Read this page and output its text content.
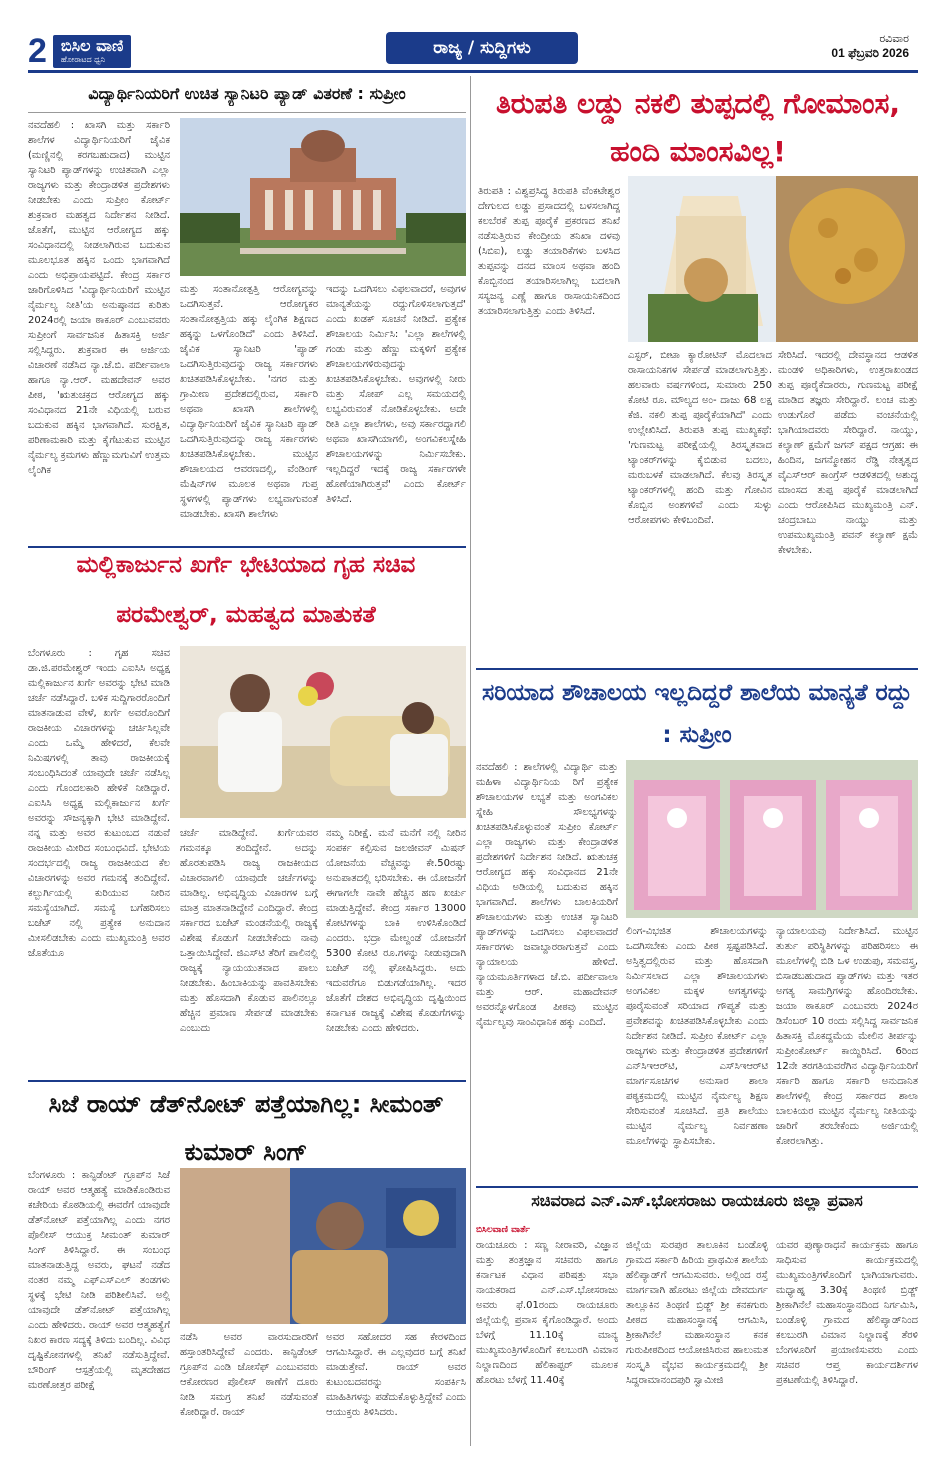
2 ಬಿಸಿಲ ವಾಣಿ
ಹೋರಾಟದ ಧ್ವನಿ
ರಾಜ್ಯ / ಸುದ್ದಿಗಳು	ರವಿವಾರ
01 ಫೆಬ್ರವರಿ 2026
ವಿದ್ಯಾರ್ಥಿನಿಯರಿಗೆ ಉಚಿತ ಸ್ಯಾನಿಟರಿ ಪ್ಯಾಡ್ ವಿತರಣೆ : ಸುಪ್ರೀಂ
ನವದೆಹಲಿ : ಖಾಸಗಿ ಮತ್ತು ಸರ್ಕಾರಿ ಶಾಲೆಗಳ ವಿದ್ಯಾರ್ಥಿನಿಯರಿಗೆ ಜೈವಿಕ (ಮಣ್ಣಿನಲ್ಲಿ ಕರಗಬಹುದಾದ) ಮುಟ್ಟಿನ ಸ್ಯಾನಿಟರಿ ಪ್ಯಾಡ್‌ಗಳನ್ನು ಉಚಿತವಾಗಿ ಎಲ್ಲಾ ರಾಜ್ಯಗಳು ಮತ್ತು ಕೇಂದ್ರಾಡಳಿತ ಪ್ರದೇಶಗಳು ನೀಡಬೇಕು ಎಂದು ಸುಪ್ರೀಂ ಕೋರ್ಟ್ ಶುಕ್ರವಾರ ಮಹತ್ವದ ನಿರ್ದೇಶನ ನೀಡಿದೆ. ಜೊತೆಗೆ, ಮುಟ್ಟಿನ ಆರೋಗ್ಯದ ಹಕ್ಕು ಸಂವಿಧಾನದಲ್ಲಿ ನೀಡಲಾಗಿರುವ ಬದುಕುವ ಮೂಲಭೂತ ಹಕ್ಕಿನ ಒಂದು ಭಾಗವಾಗಿದೆ ಎಂದು ಅಭಿಪ್ರಾಯಪಟ್ಟಿದೆ. ಕೇಂದ್ರ ಸರ್ಕಾರ ಜಾರಿಗೊಳಿಸಿದ 'ವಿದ್ಯಾರ್ಥಿನಿಯರಿಗೆ ಮುಟ್ಟಿನ ನೈರ್ಮಲ್ಯ ನೀತಿ'ಯ ಅನುಷ್ಠಾನದ ಕುರಿತು 2024ರಲ್ಲಿ ಜಯಾ ಠಾಕೂರ್ ಎಂಬುವವರು ಸುಪ್ರೀಂಗೆ ಸಾರ್ವಜನಿಕ ಹಿತಾಸಕ್ತಿ ಅರ್ಜಿ ಸಲ್ಲಿಸಿದ್ದರು. ಶುಕ್ರವಾರ ಈ ಅರ್ಜಿಯ ವಿಚಾರಣೆ ನಡೆಸಿದ ನ್ಯಾ.ಜೆ.ಬಿ. ಪರ್ದೀವಾಲಾ ಹಾಗೂ ನ್ಯಾ.ಆರ್. ಮಹದೇವನ್ ಅವರ ಪೀಠ, 'ಋತುಚಕ್ರದ ಆರೋಗ್ಯದ ಹಕ್ಕು ಸಂವಿಧಾನದ 21ನೇ ವಿಧಿಯಲ್ಲಿ ಬರುವ ಬದುಕುವ ಹಕ್ಕಿನ ಭಾಗವಾಗಿದೆ. ಸುರಕ್ಷಿತ, ಪರಿಣಾಮಕಾರಿ ಮತ್ತು ಕೈಗೆಟುಕುವ ಮುಟ್ಟಿನ ನೈರ್ಮಲ್ಯ ಕ್ರಮಗಳು ಹೆಣ್ಣುಮಗುವಿಗೆ ಉತ್ತಮ ಲೈಂಗಿಕ
ಮತ್ತು ಸಂತಾನೋತ್ಪತ್ತಿ ಆರೋಗ್ಯವನ್ನು ಒದಗಿಸುತ್ತವೆ. ಆರೋಗ್ಯಕರ ಸಂತಾನೋತ್ಪತ್ತಿಯ ಹಕ್ಕು ಲೈಂಗಿಕ ಶಿಕ್ಷಣದ ಹಕ್ಕನ್ನು ಒಳಗೊಂಡಿದೆ' ಎಂದು ತಿಳಿಸಿದೆ. ಜೈವಿಕ ಸ್ಯಾನಿಟರಿ 'ಪ್ಯಾಡ್ ಒದಗಿಸುತ್ತಿರುವುದನ್ನು ರಾಜ್ಯ ಸರ್ಕಾರಗಳು ಖಚಿತಪಡಿಸಿಕೊಳ್ಳಬೇಕು. 'ನಗರ ಮತ್ತು ಗ್ರಾಮೀಣ ಪ್ರದೇಶದಲ್ಲಿರುವ, ಸರ್ಕಾರಿ ಅಥವಾ ಖಾಸಗಿ ಶಾಲೆಗಳಲ್ಲಿ ವಿದ್ಯಾರ್ಥಿನಿಯರಿಗೆ ಜೈವಿಕ ಸ್ಯಾನಿಟರಿ ಪ್ಯಾಡ್ ಒದಗಿಸುತ್ತಿರುವುದನ್ನು ರಾಜ್ಯ ಸರ್ಕಾರಗಳು ಖಚಿತಪಡಿಸಿಕೊಳ್ಳಬೇಕು. ಮುಟ್ಟಿನ ಶೌಚಾಲಯದ ಆವರಣದಲ್ಲಿ, ವೆಂಡಿಂಗ್ ಮೆಷಿನ್‌ಗಳ ಮೂಲಕ ಅಥವಾ ಗುಪ್ತ ಸ್ಥಳಗಳಲ್ಲಿ ಪ್ಯಾಡ್‌ಗಳು ಲಭ್ಯವಾಗುವಂತೆ ಮಾಡಬೇಕು. ಖಾಸಗಿ ಶಾಲೆಗಳು
ಇದನ್ನು ಒದಗಿಸಲು ವಿಫಲವಾದರೆ, ಅವುಗಳ ಮಾನ್ಯತೆಯನ್ನು ರದ್ದುಗೊಳಿಸಲಾಗುತ್ತದೆ' ಎಂದು ಖಡಕ್ ಸೂಚನೆ ನೀಡಿದೆ. ಪ್ರತ್ಯೇಕ ಶೌಚಾಲಯ ನಿರ್ಮಿಸಿ: 'ಎಲ್ಲಾ ಶಾಲೆಗಳಲ್ಲಿ ಗಂಡು ಮತ್ತು ಹೆಣ್ಣು ಮಕ್ಕಳಿಗೆ ಪ್ರತ್ಯೇಕ ಶೌಚಾಲಯಗಳಿರುವುದನ್ನು ಖಚಿತಪಡಿಸಿಕೊಳ್ಳಬೇಕು. ಅವುಗಳಲ್ಲಿ ನೀರು ಮತ್ತು ಸೋಪ್ ಎಲ್ಲ ಸಮಯದಲ್ಲಿ ಲಭ್ಯವಿರುವಂತೆ ನೋಡಿಕೊಳ್ಳಬೇಕು. ಅದೇ ರೀತಿ ಎಲ್ಲಾ ಶಾಲೆಗಳು, ಅವು ಸರ್ಕಾರದ್ದಾಗಲಿ ಅಥವಾ ಖಾಸಗಿಯಾಗಲಿ, ಅಂಗವಿಕಲಸ್ನೇಹಿ ಶೌಚಾಲಯಗಳನ್ನು ನಿರ್ಮಿಸಬೇಕು. ಇಲ್ಲದಿದ್ದರೆ ಇದಕ್ಕೆ ರಾಜ್ಯ ಸರ್ಕಾರಗಳೇ ಹೊಣೆಯಾಗಿರುತ್ತವೆ' ಎಂದು ಕೋರ್ಟ್ ತಿಳಿಸಿದೆ.
ತಿರುಪತಿ ಲಡ್ಡು ನಕಲಿ ತುಪ್ಪದಲ್ಲಿ ಗೋಮಾಂಸ, ಹಂದಿ ಮಾಂಸವಿಲ್ಲ!
ತಿರುಪತಿ : ವಿಶ್ವಪ್ರಸಿದ್ಧ ತಿರುಪತಿ ವೆಂಕಟೇಶ್ವರ ದೇಗುಲದ ಲಡ್ಡು ಪ್ರಸಾದದಲ್ಲಿ ಬಳಸಲಾಗಿದ್ದ ಕಲಬೆರಕೆ ತುಪ್ಪ ಪೂರೈಕೆ ಪ್ರಕರಣದ ತನಿಖೆ ನಡೆಸುತ್ತಿರುವ ಕೇಂದ್ರೀಯ ತನಿಖಾ ದಳವು (ಸಿಬಿಐ), ಲಡ್ಡು ತಯಾರಿಕೆಗಳು ಬಳಸಿದ ತುಪ್ಪವನ್ನು ದನದ ಮಾಂಸ ಅಥವಾ ಹಂದಿ ಕೊಬ್ಬಿನಂದ ತಯಾರಿಸಲಾಗಿಲ್ಲ ಬದಲಾಗಿ ಸಸ್ಯಜನ್ಯ ಎಣ್ಣೆ ಹಾಗೂ ರಾಸಾಯನಿಕದಿಂದ ತಯಾರಿಸಲಾಗುತ್ತಿತ್ತು ಎಂದು ತಿಳಿಸಿದೆ.
ಎಸ್ಟರ್, ಬೀಟಾ ಕ್ಯಾರೋಟಿನ್ ಮೊದಲಾದ ರಾಸಾಯನಿಕಗಳ ಸೇರ್ಪಡೆ ಮಾಡಲಾಗುತ್ತಿತ್ತು. ಹಲವಾರು ವರ್ಷಗಳಿಂದ, ಸುಮಾರು 250 ಕೋಟಿ ರೂ. ಮೌಲ್ಯದ ಅಂ- ದಾಜು 68 ಲಕ್ಷ ಕೆಜಿ. ನಕಲಿ ತುಪ್ಪ ಪೂರೈಕೆಯಾಗಿದೆ' ಎಂದು ಉಲ್ಲೇಖಿಸಿದೆ. ತಿರುಪತಿ ತುಪ್ಪ ಮುಖ್ಯಕಥೆ: 'ಗುಣಮಟ್ಟ ಪರೀಕ್ಷೆಯಲ್ಲಿ ತಿರಸ್ಕೃತವಾದ ಟ್ಯಾಂಕರ್‌ಗಳನ್ನು ಕೈಬಿಡುವ ಬದಲು, ಮರುಬಳಕೆ ಮಾಡಲಾಗಿದೆ. ಕೆಲವು ತಿರಸ್ಕೃತ ಟ್ಯಾಂಕರ್‌ಗಳಲ್ಲಿ ಹಂದಿ ಮತ್ತು ಗೋವಿನ ಕೊಬ್ಬಿನ ಅಂಶಗಳಿವೆ ಎಂದು ಸುಳ್ಳು ಆರೋಪಗಳು ಕೇಳಿಬಂದಿವೆ.
ಸೇರಿಸಿದೆ. ಇದರಲ್ಲಿ ದೇವಸ್ಥಾನದ ಆಡಳಿತ ಮಂಡಳಿ ಅಧಿಕಾರಿಗಳು, ಉತ್ತರಾಖಂಡದ ತುಪ್ಪ ಪೂರೈಕೆದಾರರು, ಗುಣಮಟ್ಟ ಪರೀಕ್ಷೆ ಮಾಡಿದ ತಜ್ಞರು ಸೇರಿದ್ದಾರೆ. ಲಂಚ ಮತ್ತು ಉಡುಗೊರೆ ಪಡೆದು ವಂಚನೆಯಲ್ಲಿ ಭಾಗಿಯಾದವರು ಸೇರಿದ್ದಾರೆ. ನಾಯ್ಡು, ಕಲ್ಯಾಣ್ ಕ್ಷಮೆಗೆ ಜಗನ್ ಪಕ್ಷದ ಆಗ್ರಹ: ಈ ಹಿಂದಿನ, ಜಗನ್ಮೋಹನ ರೆಡ್ಡಿ ನೇತೃತ್ವದ ವೈಎಸ್‌ಆರ್ ಕಾಂಗ್ರೆಸ್ ಆಡಳಿತದಲ್ಲಿ ಅಶುದ್ಧ ಮಾಂಸದ ತುಪ್ಪ ಪೂರೈಕೆ ಮಾಡಲಾಗಿದೆ ಎಂದು ಆರೋಪಿಸಿದ ಮುಖ್ಯಮಂತ್ರಿ ಎನ್. ಚಂದ್ರಬಾಬು ನಾಯ್ಡು ಮತ್ತು ಉಪಮುಖ್ಯಮಂತ್ರಿ ಪವನ್ ಕಲ್ಯಾಣ್ ಕ್ಷಮೆ ಕೇಳಬೇಕು.
ಮಲ್ಲಿಕಾರ್ಜುನ ಖರ್ಗೆ ಭೇಟಿಯಾದ ಗೃಹ ಸಚಿವ ಪರಮೇಶ್ವರ್, ಮಹತ್ವದ ಮಾತುಕತೆ
ಬೆಂಗಳೂರು : ಗೃಹ ಸಚಿವ ಡಾ.ಜಿ.ಪರಮೇಶ್ವರ್ ಇಂದು ಎಐಸಿಸಿ ಅಧ್ಯಕ್ಷ ಮಲ್ಲಿಕಾರ್ಜುನ ಖರ್ಗೆ ಅವರನ್ನು ಭೇಟಿ ಮಾಡಿ ಚರ್ಚೆ ನಡೆಸಿದ್ದಾರೆ. ಬಳಿಕ ಸುದ್ದಿಗಾರರೊಂದಿಗೆ ಮಾತನಾಡುವ ವೇಳೆ, ಖರ್ಗೆ ಅವರೊಂದಿಗೆ ರಾಜಕೀಯ ವಿಚಾರಗಳನ್ನು ಚರ್ಚಿಸಿಲ್ಲವೇ ಎಂದು ಒಮ್ಮೆ ಹೇಳಿದರೆ, ಕೆಲವೇ ನಿಮಿಷಗಳಲ್ಲಿ ತಾವು ರಾಜಕೀಯಕ್ಕೆ ಸಂಬಂಧಿಸಿದಂತೆ ಯಾವುದೇ ಚರ್ಚೆ ನಡೆಸಿಲ್ಲ ಎಂದು ಗೊಂದಲಕಾರಿ ಹೇಳಿಕೆ ನೀಡಿದ್ದಾರೆ. ಎಐಸಿಸಿ ಅಧ್ಯಕ್ಷ ಮಲ್ಲಿಕಾರ್ಜುನ ಖರ್ಗೆ ಅವರನ್ನು ಸೌಜನ್ಯಕ್ಕಾಗಿ ಭೇಟಿ ಮಾಡಿದ್ದೇನೆ. ನನ್ನ ಮತ್ತು ಅವರ ಕುಟುಂಬದ ನಡುವೆ ರಾಜಕೀಯ ಮೀರಿದ ಸಂಬಂಧವಿದೆ. ಭೇಟಿಯ ಸಂದರ್ಭದಲ್ಲಿ ರಾಜ್ಯ ರಾಜಕೀಯದ ಕೆಲ ವಿಚಾರಗಳನ್ನು ಅವರ ಗಮನಕ್ಕೆ ತಂದಿದ್ದೇನೆ. ಕಲ್ಬುರ್ಗಿಯಲ್ಲಿ ಕುರಿಯುವ ನೀರಿನ ಸಮಸ್ಯೆಯಾಗಿದೆ. ಸಮಸ್ಯೆ ಬಗೆಹರಿಸಲು ಬಜೆಟ್ ನಲ್ಲಿ ಪ್ರತ್ಯೇಕ ಅನುದಾನ ಮೀಸಲಿಡಬೇಕು ಎಂದು ಮುಖ್ಯಮಂತ್ರಿ ಅವರ ಜೊತೆಯೂ
ಚರ್ಚೆ ಮಾಡಿದ್ದೇನೆ. ಖರ್ಗೆಯವರ ಗಮನಕ್ಕೂ ತಂದಿದ್ದೇನೆ. ಅದನ್ನು ಹೊರತುಪಡಿಸಿ ರಾಜ್ಯ ರಾಜಕೀಯದ ವಿಚಾರವಾಗಲಿ ಯಾವುದೇ ಚರ್ಚೆಗಳನ್ನು ಮಾಡಿಲ್ಲ. ಅಭಿವೃದ್ಧಿಯ ವಿಚಾರಗಳ ಬಗ್ಗೆ ಮಾತ್ರ ಮಾತನಾಡಿದ್ದೇನೆ ಎಂದಿದ್ದಾರೆ. ಕೇಂದ್ರ ಸರ್ಕಾರದ ಬಜೆಟ್ ಮಂಡನೆಯಲ್ಲಿ ರಾಜ್ಯಕ್ಕೆ ವಿಶೇಷ ಕೊಡುಗೆ ನೀಡಬೇಕೆಂದು ನಾವು ಒತ್ತಾಯಿಸಿದ್ದೇವೆ. ಜಿಎಸ್‌ಟಿ ತೆರಿಗೆ ಪಾಲಿನಲ್ಲಿ ರಾಜ್ಯಕ್ಕೆ ನ್ಯಾಯಯುತವಾದ ಪಾಲು ನೀಡಬೇಕು. ಹಿಂಬಾಕಿಯನ್ನು ಪಾವತಿಸಬೇಕು ಮತ್ತು ಹೊಸದಾಗಿ ಕೊಡುವ ಪಾಲಿನಲ್ಲೂ ಹೆಚ್ಚಿನ ಪ್ರಮಾಣ ಸೇರ್ಪಡೆ ಮಾಡಬೇಕು ಎಂಬುದು
ನಮ್ಮ ನಿರೀಕ್ಷೆ. ಮನೆ ಮನೆಗೆ ನಲ್ಲಿ ನೀರಿನ ಸಂಪರ್ಕ ಕಲ್ಪಿಸುವ ಜಲಜೀವನ್ ಮಿಷನ್ ಯೋಜನೆಯ ವೆಚ್ಚವನ್ನು ಕೇ.50ರಷ್ಟು ಅನುಪಾತದಲ್ಲಿ ಭರಿಸಬೇಕು. ಈ ಯೋಜನೆಗೆ ಈಗಾಗಲೇ ನಾವೇ ಹೆಚ್ಚಿನ ಹಣ ಖರ್ಚು ಮಾಡುತ್ತಿದ್ದೇವೆ. ಕೇಂದ್ರ ಸರ್ಕಾರ 13000 ಕೋಟಿಗಳನ್ನು ಬಾಕಿ ಉಳಿಸಿಕೊಂಡಿದೆ ಎಂದರು. ಭದ್ರಾ ಮೇಲ್ದಂಡೆ ಯೋಜನೆಗೆ 5300 ಕೋಟಿ ರೂ.ಗಳನ್ನು ನೀಡುವುದಾಗಿ ಬಜೆಟ್ ನಲ್ಲಿ ಘೋಷಿಸಿದ್ದರು. ಅದು ಇದುವರೆಗೂ ಬಿಡುಗಡೆಯಾಗಿಲ್ಲ. ಇದರ ಜೊತೆಗೆ ದೇಶದ ಅಭಿವೃದ್ಧಿಯ ದೃಷ್ಟಿಯಿಂದ ಕರ್ನಾಟಕ ರಾಜ್ಯಕ್ಕೆ ವಿಶೇಷ ಕೊಡುಗೆಗಳನ್ನು ನೀಡಬೇಕು ಎಂದು ಹೇಳಿದರು.
ಸರಿಯಾದ ಶೌಚಾಲಯ ಇಲ್ಲದಿದ್ದರೆ ಶಾಲೆಯ ಮಾನ್ಯತೆ ರದ್ದು : ಸುಪ್ರೀಂ
ನವದೆಹಲಿ : ಶಾಲೆಗಳಲ್ಲಿ ವಿದ್ಯಾರ್ಥಿ ಮತ್ತು ಮಹಿಳಾ ವಿದ್ಯಾರ್ಥಿನಿಯ ರಿಗೆ ಪ್ರತ್ಯೇಕ ಶೌಚಾಲಯಗಳ ಲಭ್ಯತೆ ಮತ್ತು ಅಂಗವಿಕಲ ಸ್ನೇಹಿ ಸೌಲಭ್ಯಗಳನ್ನು ಖಚಿತಪಡಿಸಿಕೊಳ್ಳುವಂತೆ ಸುಪ್ರೀಂ ಕೋರ್ಟ್ ಎಲ್ಲಾ ರಾಜ್ಯಗಳು ಮತ್ತು ಕೇಂದ್ರಾಡಳಿತ ಪ್ರದೇಶಗಳಿಗೆ ನಿರ್ದೇಶನ ನೀಡಿದೆ. ಋತುಚಕ್ರ ಆರೋಗ್ಯದ ಹಕ್ಕು ಸಂವಿಧಾನದ 21ನೇ ವಿಧಿಯ ಅಡಿಯಲ್ಲಿ ಬದುಕುವ ಹಕ್ಕಿನ ಭಾಗವಾಗಿದೆ. ಶಾಲೆಗಳು ಬಾಲಕಿಯರಿಗೆ ಶೌಚಾಲಯಗಳು ಮತ್ತು ಉಚಿತ ಸ್ಯಾನಿಟರಿ ಪ್ಯಾಡ್‌ಗಳನ್ನು ಒದಗಿಸಲು ವಿಫಲವಾದರೆ ಸರ್ಕಾರಗಳು ಜವಾಬ್ದಾರರಾಗುತ್ತವೆ ಎಂದು ನ್ಯಾಯಾಲಯ ಹೇಳಿದೆ. ನ್ಯಾಯಮೂರ್ತಿಗಳಾದ ಜೆ.ಬಿ. ಪರ್ದೀವಾಲಾ ಮತ್ತು ಆರ್. ಮಹಾದೇವನ್ ಅವರನ್ನೊಳಗೊಂಡ ಪೀಠವು ಮುಟ್ಟಿನ ನೈರ್ಮಲ್ಯವು ಸಾಂವಿಧಾನಿಕ ಹಕ್ಕು ಎಂದಿದೆ.
ಲಿಂಗ-ವಿಭಜಿತ ಶೌಚಾಲಯಗಳನ್ನು ಒದಗಿಸಬೇಕು ಎಂದು ಪೀಠ ಸ್ಪಷ್ಟಪಡಿಸಿದೆ. ಅಸ್ತಿತ್ವದಲ್ಲಿರುವ ಮತ್ತು ಹೊಸದಾಗಿ ನಿರ್ಮಿಸಲಾದ ಎಲ್ಲಾ ಶೌಚಾಲಯಗಳು ಅಂಗವಿಕಲ ಮಕ್ಕಳ ಅಗತ್ಯಗಳನ್ನು ಪೂರೈಸುವಂತೆ ಸರಿಯಾದ ಗೌಪ್ಯತೆ ಮತ್ತು ಪ್ರವೇಶವನ್ನು ಖಚಿತಪಡಿಸಿಕೊಳ್ಳಬೇಕು ಎಂದು ನಿರ್ದೇಶನ ನೀಡಿದೆ. ಸುಪ್ರೀಂ ಕೋರ್ಟ್ ಎಲ್ಲಾ ರಾಜ್ಯಗಳು ಮತ್ತು ಕೇಂದ್ರಾಡಳಿತ ಪ್ರದೇಶಗಳಿಗೆ ಎನ್‌ಸಿಇಆರ್‌ಟಿ, ಎಸ್‌ಸಿಇಆರ್‌ಟಿ ಮಾರ್ಗಸೂಚಿಗಳ ಅನುಸಾರ ಶಾಲಾ ಪಠ್ಯಕ್ರಮದಲ್ಲಿ ಮುಟ್ಟಿನ ನೈರ್ಮಲ್ಯ ಶಿಕ್ಷಣ ಸೇರಿಸುವಂತೆ ಸೂಚಿಸಿದೆ. ಪ್ರತಿ ಶಾಲೆಯು ಮುಟ್ಟಿನ ನೈರ್ಮಲ್ಯ ನಿರ್ವಹಣಾ ಮೂಲೆಗಳನ್ನು ಸ್ಥಾಪಿಸಬೇಕು.
ನ್ಯಾಯಾಲಯವು ನಿರ್ದೇಶಿಸಿದೆ. ಮುಟ್ಟಿನ ತುರ್ತು ಪರಿಸ್ಥಿತಿಗಳನ್ನು ಪರಿಹರಿಸಲು ಈ ಮೂಲೆಗಳಲ್ಲಿ ಬಿಡಿ ಒಳ ಉಡುಪು, ಸಮವಸ್ತ್ರ, ಬಿಸಾಡಬಹುದಾದ ಪ್ಯಾಡ್‌ಗಳು ಮತ್ತು ಇತರ ಅಗತ್ಯ ಸಾಮಗ್ರಿಗಳನ್ನು ಹೊಂದಿರಬೇಕು. ಜಯಾ ಠಾಕೂರ್ ಎಂಬುವರು 2024ರ ಡಿಸೆಂಬರ್ 10 ರಂದು ಸಲ್ಲಿಸಿದ್ದ ಸಾರ್ವಜನಿಕ ಹಿತಾಸಕ್ತಿ ಮೊಕದ್ದಮೆಯ ಮೇಲಿನ ತೀರ್ಪನ್ನು ಸುಪ್ರೀಂಕೋರ್ಟ್ ಕಾಯ್ದಿರಿಸಿದೆ. 6ರಿಂದ 12ನೇ ತರಗತಿಯವರೆಗಿನ ವಿದ್ಯಾರ್ಥಿನಿಯರಿಗೆ ಸರ್ಕಾರಿ ಹಾಗೂ ಸರ್ಕಾರಿ ಅನುದಾನಿತ ಶಾಲೆಗಳಲ್ಲಿ ಕೇಂದ್ರ ಸರ್ಕಾರದ ಶಾಲಾ ಬಾಲಕಿಯರ ಮುಟ್ಟಿನ ನೈರ್ಮಲ್ಯ ನೀತಿಯನ್ನು ಜಾರಿಗೆ ತರಬೇಕೆಂದು ಅರ್ಜಿಯಲ್ಲಿ ಕೋರಲಾಗಿತ್ತು.
ಸಿಜೆ ರಾಯ್ ಡೆತ್‌ನೋಟ್ ಪತ್ತೆಯಾಗಿಲ್ಲ: ಸೀಮಂತ್ ಕುಮಾರ್ ಸಿಂಗ್
ಬೆಂಗಳೂರು : ಕಾನ್ಫಿಡೆಂಟ್ ಗ್ರೂಪ್‌ನ ಸಿಜೆ ರಾಯ್ ಅವರ ಆತ್ಮಹತ್ಯೆ ಮಾಡಿಕೊಂಡಿರುವ ಕಚೇರಿಯ ಕೊಠಡಿಯಲ್ಲಿ ಈವರೆಗೆ ಯಾವುದೇ ಡೆತ್‌ನೋಟ್ ಪತ್ತೆಯಾಗಿಲ್ಲ ಎಂದು ನಗರ ಪೊಲೀಸ್ ಆಯುಕ್ತ ಸೀಮಂತ್ ಕುಮಾರ್ ಸಿಂಗ್ ತಿಳಿಸಿದ್ದಾರೆ. ಈ ಸಂಬಂಧ ಮಾತನಾಡುತ್ತಿದ್ದ ಅವರು, ಘಟನೆ ನಡೆದ ನಂತರ ನಮ್ಮ ಎಫ್‌ಎಸ್‌ಎಲ್ ತಂಡಗಳು ಸ್ಥಳಕ್ಕೆ ಭೇಟಿ ನೀಡಿ ಪರಿಶೀಲಿಸಿವೆ. ಅಲ್ಲಿ ಯಾವುದೇ ಡೆತ್‌ನೋಟ್ ಪತ್ತೆಯಾಗಿಲ್ಲ ಎಂದು ಹೇಳಿದರು. ರಾಯ್ ಅವರ ಆತ್ಮಹತ್ಯೆಗೆ ನಿಖರ ಕಾರಣ ಸದ್ಯಕ್ಕೆ ತಿಳಿದು ಬಂದಿಲ್ಲ. ವಿವಿಧ ದೃಷ್ಟಿಕೋನಗಳಲ್ಲಿ ತನಿಖೆ ನಡೆಸುತ್ತಿದ್ದೇವೆ. ಬೌರಿಂಗ್ ಆಸ್ಪತ್ರೆಯಲ್ಲಿ ಮೃತದೇಹದ ಮರಣೋತ್ತರ ಪರೀಕ್ಷೆ
ನಡೆಸಿ ಅವರ ವಾರಸುದಾರರಿಗೆ ಹಸ್ತಾಂತರಿಸಿದ್ದೇವೆ ಎಂದರು. ಕಾನ್ಫಿಡೆಂಟ್ ಗ್ರೂಪ್‌ನ ಎಂಡಿ ಜೋಸೆಫ್ ಎಂಬುವವರು ಆಕೋರಣರ ಪೊಲೀಸ್ ಠಾಣೆಗೆ ದೂರು ನೀಡಿ ಸಮಗ್ರ ತನಿಖೆ ನಡೆಸುವಂತೆ ಕೋರಿದ್ದಾರೆ. ರಾಯ್
ಅವರ ಸಹೋದರ ಸಹ ಕೇರಳದಿಂದ ಆಗಮಿಸಿದ್ದಾರೆ. ಈ ಎಲ್ಲವುದರ ಬಗ್ಗೆ ತನಿಖೆ ಮಾಡುತ್ತೇವೆ. ರಾಯ್ ಅವರ ಕುಟುಂಬದವರನ್ನು ಸಂಪರ್ಕಿಸಿ ಮಾಹಿತಿಗಳನ್ನು ಪಡೆದುಕೊಳ್ಳುತ್ತಿದ್ದೇವೆ ಎಂದು ಆಯುಕ್ತರು ತಿಳಿಸಿದರು.
ಸಚಿವರಾದ ಎನ್.ಎಸ್.ಭೋಸರಾಜು ರಾಯಚೂರು ಜಿಲ್ಲಾ ಪ್ರವಾಸ
ಬಿಸಿಲವಾಣಿ ವಾರ್ತೆ
ರಾಯಚೂರು : ಸಣ್ಣ ನೀರಾವರಿ, ವಿಜ್ಞಾನ ಮತ್ತು ತಂತ್ರಜ್ಞಾನ ಸಚಿವರು ಹಾಗೂ ಕರ್ನಾಟಕ ವಿಧಾನ ಪರಿಷತ್ತು ಸಭಾ ನಾಯಕರಾದ ಎನ್.ಎಸ್.ಭೋಸರಾಜು ಅವರು ಫೆ.01ರಂದು ರಾಯಚೂರು ಜಿಲ್ಲೆಯಲ್ಲಿ ಪ್ರವಾಸ ಕೈಗೊಂಡಿದ್ದಾರೆ. ಅಂದು ಬೆಳಗ್ಗೆ 11.10ಕ್ಕೆ ಮಾನ್ಯ ಮುಖ್ಯಮಂತ್ರಿಗಳೊಂದಿಗೆ ಕಲಬುರಗಿ ವಿಮಾನ ನಿಲ್ದಾಣದಿಂದ ಹೆಲಿಕಾಪ್ಟರ್ ಮೂಲಕ ಹೊರಟು ಬೆಳಗ್ಗೆ 11.40ಕ್ಕೆ
ಜಿಲ್ಲೆಯ ಸುರಪುರ ತಾಲೂಕಿನ ಬಂಡೊಳ್ಳಿ ಗ್ರಾಮದ ಸರ್ಕಾರಿ ಹಿರಿಯ ಪ್ರಾಥಮಿಕ ಶಾಲೆಯ ಹೆಲಿಪ್ಯಾಡ್‌ಗೆ ಆಗಮಿಸುವರು. ಅಲ್ಲಿಂದ ರಸ್ತೆ ಮಾರ್ಗವಾಗಿ ಹೊರಟು ಜಿಲ್ಲೆಯ ದೇವದುರ್ಗ ತಾಲ್ಲೂಕಿನ ತಿಂಥಣಿ ಬ್ರಿಡ್ಜ್ ಶ್ರೀ ಕನಕಗುರು ಪೀಠದ ಮಹಾಸಂಸ್ಥಾನಕ್ಕೆ ಆಗಮಿಸಿ, ಶ್ರೀಕಾಗಿನೆಲೆ ಮಹಾಸಂಸ್ಥಾನ ಕನಕ ಗುರುಪೀಠದಿಂದ ಆಯೋಜಿಸಿರುವ ಹಾಲುಮತ ಸಂಸ್ಕೃತಿ ವೈಭವ ಕಾರ್ಯಕ್ರಮದಲ್ಲಿ ಶ್ರೀ ಸಿದ್ದರಾಮಾನಂದಪುರಿ ಸ್ವಾಮೀಜಿ
ಯವರ ಪುಣ್ಯಾರಾಧನೆ ಕಾರ್ಯಕ್ರಮ ಹಾಗೂ ಸಾಧಿಸುವ ಕಾರ್ಯಕ್ರಮದಲ್ಲಿ ಮುಖ್ಯಮಂತ್ರಿಗಳೊಂದಿಗೆ ಭಾಗಿಯಾಗುವರು. ಮಧ್ಯಾಹ್ನ 3.30ಕ್ಕೆ ತಿಂಥಣಿ ಬ್ರಿಡ್ಜ್ ಶ್ರೀಕಾಗಿನೆಲೆ ಮಹಾಸಂಸ್ಥಾನದಿಂದ ನಿರ್ಗಮಿಸಿ, ಬಂಡೊಳ್ಳಿ ಗ್ರಾಮದ ಹೆಲಿಪ್ಯಾಡ್‌ನಿಂದ ಕಲಬುರಗಿ ವಿಮಾನ ನಿಲ್ದಾಣಕ್ಕೆ ತೆರಳಿ ಬೆಂಗಳೂರಿಗೆ ಪ್ರಯಾಣಿಸುವರು ಎಂದು ಸಚಿವರ ಆಪ್ತ ಕಾರ್ಯದರ್ಶಿಗಳ ಪ್ರಕಟಣೆಯಲ್ಲಿ ತಿಳಿಸಿದ್ದಾರೆ.
